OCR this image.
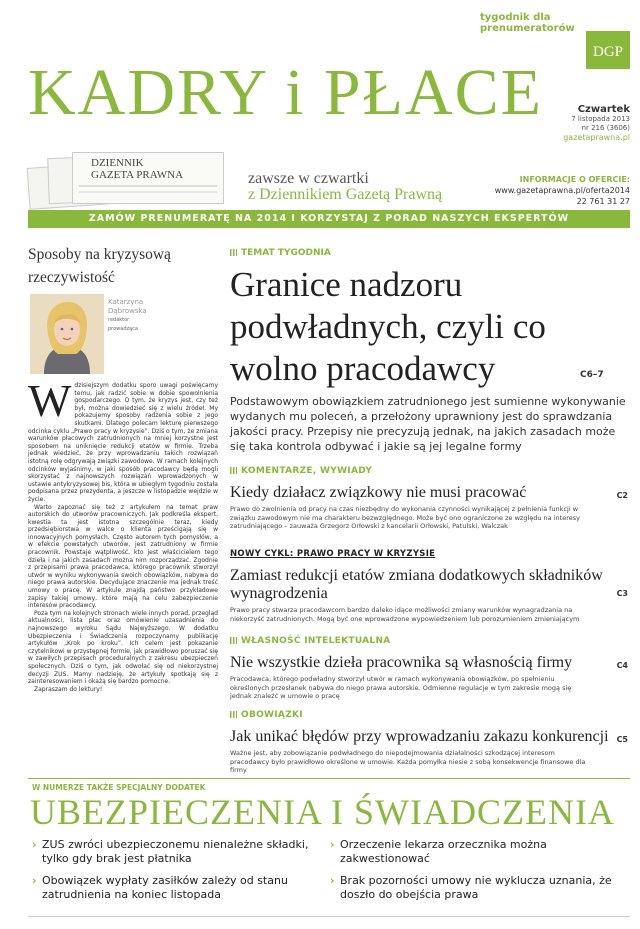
tygodnik dla prenumeratorów
DGP
KADRY i PŁACE	Czwartek
7 listopada 2013
nr 216 (3606)
gazetaprawna.pl
DZIENNIK
GAZETA PRAWNA	zawsze w czwartki
z Dziennikiem Gazetą Prawną
INFORMACJE O OFERCIE:
www.gazetaprawna.pl/oferta2014
22 761 31 27
ZAMÓW PRENUMERATĘ NA 2014 I KORZYSTAJ Z PORAD NASZYCH EKSPERTÓW
Sposoby na kryzysową rzeczywistość
Katarzyna
Dąbrowska
redaktor
prowadząca

Wdzisiejszym dodatku sporo uwagi poświęcamy temu, jak radzić sobie w dobie spowolnienia gospodarczego. O tym, że kryzys jest, czy też był, można dowiedzieć się z wielu źródeł. My pokazujemy sposoby radzenia sobie z jego skutkami. Dlatego polecam lekturę pierwszego odcinka cyklu „Prawo pracy w kryzysie”. Dziś o tym, że zmiana warunków płacowych zatrudnionych na mniej korzystne jest sposobem na uniknięcie redukcji etatów w firmie. Trzeba jednak wiedzieć, że przy wprowadzaniu takich rozwiązań istotną rolę odgrywają związki zawodowe. W ramach kolejnych odcinków wyjaśnimy, w jaki sposób pracodawcy będą mogli skorzystać z najnowszych rozwiązań wprowadzonych w ustawie antykryzysowej bis, która w ubiegłym tygodniu została podpisana przez prezydenta, a jeszcze w listopadzie wejdzie w życie.

Warto zapoznać się też z artykułem na temat praw autorskich do utworów pracowniczych. Jak podkreśla ekspert, kwestia ta jest istotna szczególnie teraz, kiedy przedsiębiorstwa w walce o klienta prześcigają się w innowacyjnych pomysłach. Często autorem tych pomysłów, a w efekcie powstałych utworów, jest zatrudniony w firmie pracownik. Powstaje wątpliwość, kto jest właścicielem tego dzieła i na jakich zasadach można nim rozporządzać. Zgodnie z przepisami prawa pracodawca, którego pracownik stworzył utwór w wyniku wykonywania swoich obowiązków, nabywa do niego prawa autorskie. Decydujące znaczenie ma jednak treść umowy o pracę. W artykule znajdą państwo przykładowe zapisy takiej umowy, które mają na celu zabezpieczenie interesów pracodawcy.

Poza tym na kolejnych stronach wiele innych porad, przegląd aktualności, lista płac oraz omówienie uzasadnienia do najnowszego wyroku Sądu Najwyższego. W dodatku Ubezpieczenia i Świadczenia rozpoczynamy publikację artykułów „Krok po kroku”. Ich celem jest pokazanie czytelnikowi w przystępnej formie, jak prawidłowo poruszać się w zawiłych przepisach proceduralnych z zakresu ubezpieczeń społecznych. Dziś o tym, jak odwołać się od niekorzystnej decyzji ZUS. Mamy nadzieję, że artykuły spotkają się z zainteresowaniem i okażą się bardzo pomocne.

Zapraszam do lektury!

TEMAT TYGODNIA
Granice nadzoru podwładnych, czyli co wolno pracodawcy	C6–7
Podstawowym obowiązkiem zatrudnionego jest sumienne wykonywanie wydanych mu poleceń, a przełożony uprawniony jest do sprawdzania jakości pracy. Przepisy nie precyzują jednak, na jakich zasadach może się taka kontrola odbywać i jakie są jej legalne formy
KOMENTARZE, WYWIADY
Kiedy działacz związkowy nie musi pracować	C2
Prawo do zwolnienia od pracy na czas niezbędny do wykonania czynności wynikającej z pełnienia funkcji w związku zawodowym nie ma charakteru bezwzględnego. Może być ono ograniczone ze względu na interesy zatrudniającego – zauważa Grzegorz Orłowski z kancelarii Orłowski, Patulski, Walczak
NOWY CYKL: PRAWO PRACY W KRYZYSIE
Zamiast redukcji etatów zmiana dodatkowych składników wynagrodzenia	C3
Prawo pracy stwarza pracodawcom bardzo daleko idące możliwości zmiany warunków wynagradzania na niekorzyść zatrudnionych. Mogą być one wprowadzone wypowiedzeniem lub porozumieniem zmieniającym
WŁASNOŚĆ INTELEKTUALNA
Nie wszystkie dzieła pracownika są własnością firmy	C4
Pracodawca, którego podwładny stworzył utwór w ramach wykonywania obowiązków, po spełnieniu określonych przesłanek nabywa do niego prawa autorskie. Odmienne regulacje w tym zakresie mogą się jednak znaleźć w umowie o pracę
OBOWIĄZKI
Jak unikać błędów przy wprowadzaniu zakazu konkurencji C5
Ważne jest, aby zobowiązanie podwładnego do niepodejmowania działalności szkodzącej interesom pracodawcy było prawidłowo określone w umowie. Każda pomyłka niesie z sobą konsekwencje finansowe dla firmy
W NUMERZE TAKŻE SPECJALNY DODATEK
UBEZPIECZENIA I ŚWIADCZENIA
› ZUS zwróci ubezpieczonemu nienależne składki, tylko gdy brak jest płatnika
› Orzeczenie lekarza orzecznika można zakwestionować
› Obowiązek wypłaty zasiłków zależy od stanu zatrudnienia na koniec listopada
› Brak pozorności umowy nie wyklucza uznania, że doszło do obejścia prawa
